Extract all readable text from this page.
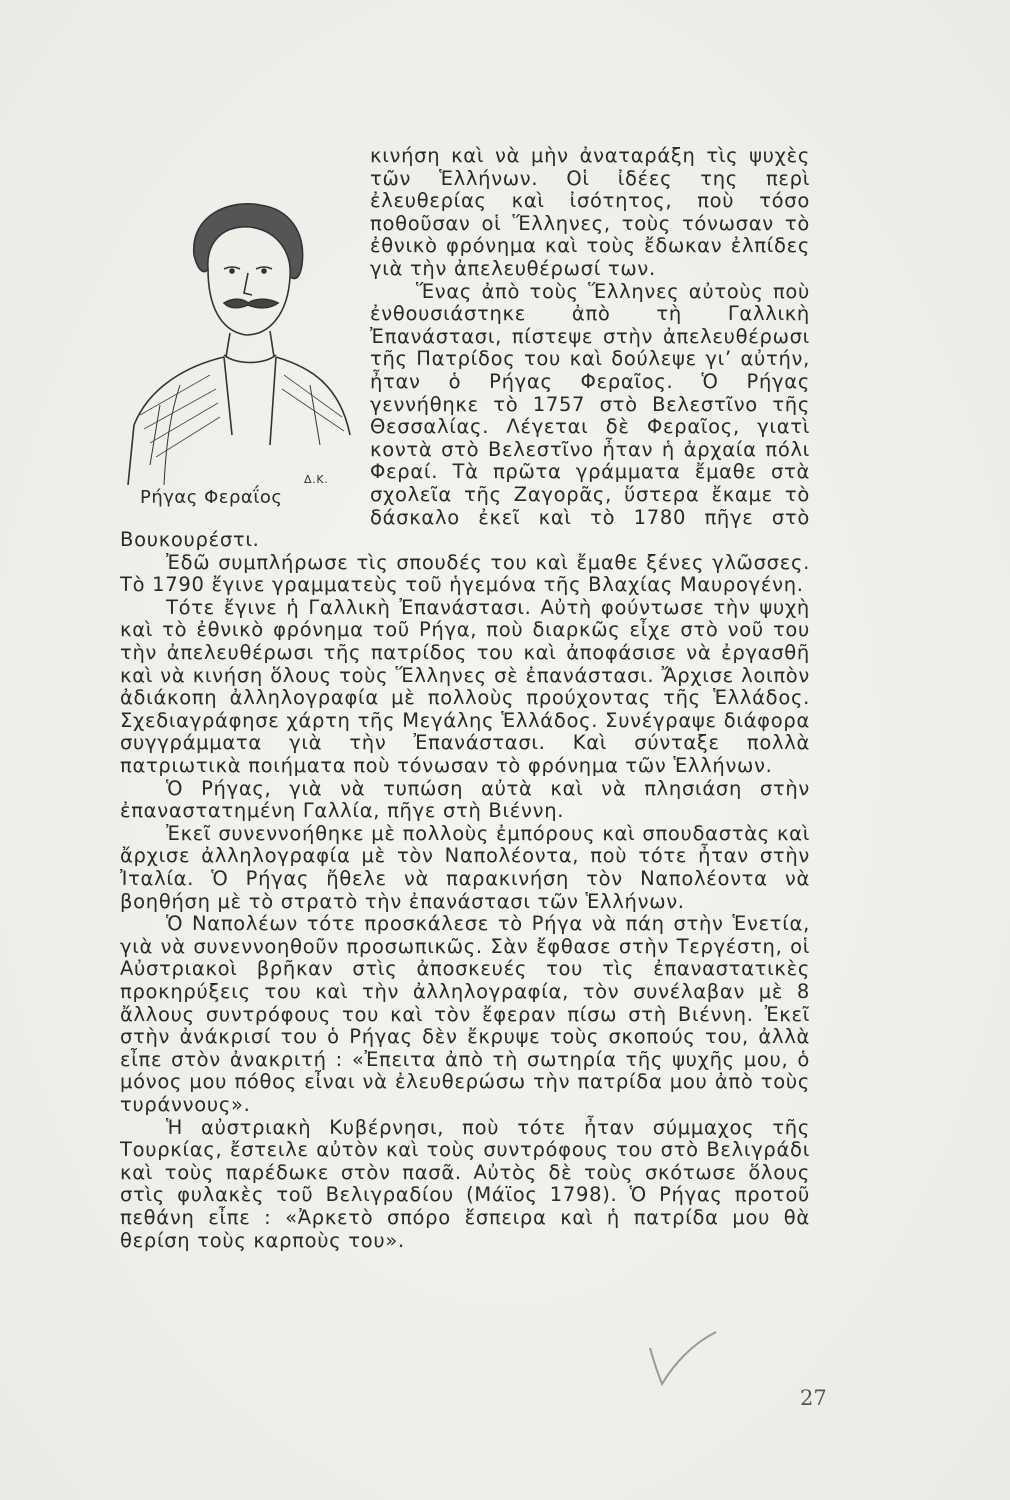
Δ.Κ.
Ρήγας Φεραΐος

κινήση καὶ νὰ μὴν ἀναταράξη τὶς ψυχὲς τῶν Ἑλλήνων. Οἱ ἰδέες της περὶ ἐλευθερίας καὶ ἰσότητος, ποὺ τόσο ποθοῦσαν οἱ Ἕλληνες, τοὺς τόνωσαν τὸ ἐθνικὸ φρόνημα καὶ τοὺς ἔδωκαν ἐλπίδες γιὰ τὴν ἀπελευθέρωσί των.

Ἕνας ἀπὸ τοὺς Ἕλληνες αὐτοὺς ποὺ ἐνθουσιάστηκε ἀπὸ τὴ Γαλλικὴ Ἐπανάστασι, πίστεψε στὴν ἀπελευθέρωσι τῆς Πατρίδος του καὶ δούλεψε γι’ αὐτήν, ἦταν ὁ Ρήγας Φεραῖος. Ὁ Ρήγας γεννήθηκε τὸ 1757 στὸ Βελεστῖνο τῆς Θεσσαλίας. Λέγεται δὲ Φεραῖος, γιατὶ κοντὰ στὸ Βελεστῖνο ἦταν ἡ ἀρχαία πόλι Φεραί. Τὰ πρῶτα γράμματα ἔμαθε στὰ σχολεῖα τῆς Ζαγορᾶς, ὕστερα ἔκαμε τὸ δάσκαλο ἐκεῖ καὶ τὸ 1780 πῆγε στὸ Βουκουρέστι.

Ἐδῶ συμπλήρωσε τὶς σπουδές του καὶ ἔμαθε ξένες γλῶσσες. Τὸ 1790 ἔγινε γραμματεὺς τοῦ ἡγεμόνα τῆς Βλαχίας Μαυρογένη.

Τότε ἔγινε ἡ Γαλλικὴ Ἐπανάστασι. Αὐτὴ φούντωσε τὴν ψυχὴ καὶ τὸ ἐθνικὸ φρόνημα τοῦ Ρήγα, ποὺ διαρκῶς εἶχε στὸ νοῦ του τὴν ἀπελευθέρωσι τῆς πατρίδος του καὶ ἀποφάσισε νὰ ἐργασθῆ καὶ νὰ κινήση ὅλους τοὺς Ἕλληνες σὲ ἐπανάστασι. Ἄρχισε λοιπὸν ἀδιάκοπη ἀλληλογραφία μὲ πολλοὺς προύχοντας τῆς Ἑλλάδος. Σχεδιαγράφησε χάρτη τῆς Μεγάλης Ἑλλάδος. Συνέγραψε διάφορα συγγράμματα γιὰ τὴν Ἐπανάστασι. Καὶ σύνταξε πολλὰ πατριωτικὰ ποιήματα ποὺ τόνωσαν τὸ φρόνημα τῶν Ἑλλήνων.

Ὁ Ρήγας, γιὰ νὰ τυπώση αὐτὰ καὶ νὰ πλησιάση στὴν ἐπαναστατημένη Γαλλία, πῆγε στὴ Βιέννη.

Ἐκεῖ συνεννοήθηκε μὲ πολλοὺς ἐμπόρους καὶ σπουδαστὰς καὶ ἄρχισε ἀλληλογραφία μὲ τὸν Ναπολέοντα, ποὺ τότε ἦταν στὴν Ἰταλία. Ὁ Ρήγας ἤθελε νὰ παρακινήση τὸν Ναπολέοντα νὰ βοηθήση μὲ τὸ στρατὸ τὴν ἐπανάστασι τῶν Ἑλλήνων.

Ὁ Ναπολέων τότε προσκάλεσε τὸ Ρήγα νὰ πάη στὴν Ἑνετία, γιὰ νὰ συνεννοηθοῦν προσωπικῶς. Σὰν ἔφθασε στὴν Τεργέστη, οἱ Αὐστριακοὶ βρῆκαν στὶς ἀποσκευές του τὶς ἐπαναστατικὲς προκηρύξεις του καὶ τὴν ἀλληλογραφία, τὸν συνέλαβαν μὲ 8 ἄλλους συντρόφους του καὶ τὸν ἔφεραν πίσω στὴ Βιέννη. Ἐκεῖ στὴν ἀνάκρισί του ὁ Ρήγας δὲν ἔκρυψε τοὺς σκοπούς του, ἀλλὰ εἶπε στὸν ἀνακριτή : «Ἐπειτα ἀπὸ τὴ σωτηρία τῆς ψυχῆς μου, ὁ μόνος μου πόθος εἶναι νὰ ἐλευθερώσω τὴν πατρίδα μου ἀπὸ τοὺς τυράννους».

Ἡ αὐστριακὴ Κυβέρνησι, ποὺ τότε ἦταν σύμμαχος τῆς Τουρκίας, ἔστειλε αὐτὸν καὶ τοὺς συντρόφους του στὸ Βελιγράδι καὶ τοὺς παρέδωκε στὸν πασᾶ. Αὐτὸς δὲ τοὺς σκότωσε ὅλους στὶς φυλακὲς τοῦ Βελιγραδίου (Μάϊος 1798). Ὁ Ρήγας προτοῦ πεθάνη εἶπε : «Ἀρκετὸ σπόρο ἔσπειρα καὶ ἡ πατρίδα μου θὰ θερίση τοὺς καρποὺς του».

27
